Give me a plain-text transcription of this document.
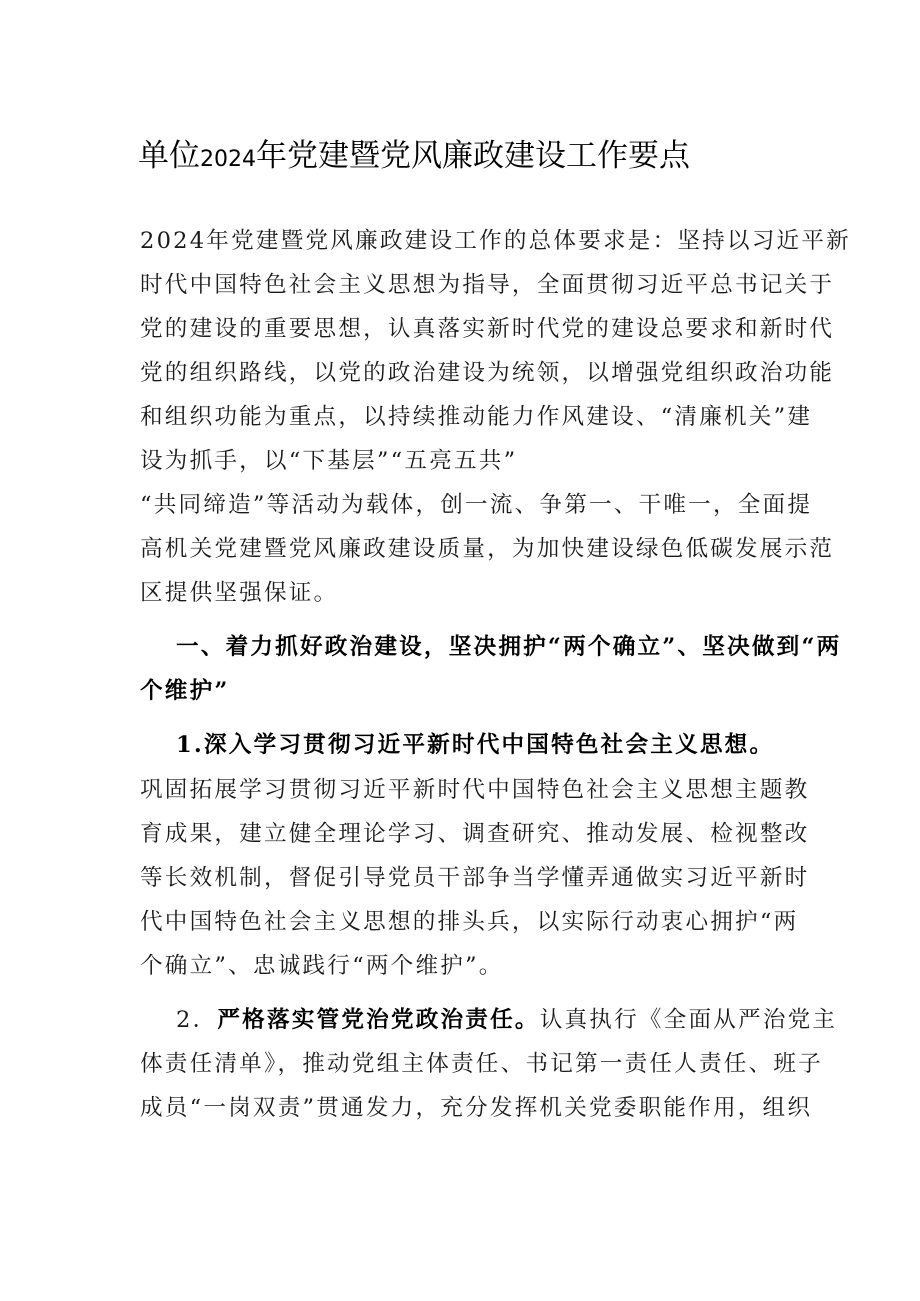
单位2024年党建暨党风廉政建设工作要点
2024年党建暨党风廉政建设工作的总体要求是：坚持以习近平新
时代中国特色社会主义思想为指导，全面贯彻习近平总书记关于
党的建设的重要思想，认真落实新时代党的建设总要求和新时代
党的组织路线，以党的政治建设为统领，以增强党组织政治功能
和组织功能为重点，以持续推动能力作风建设、“清廉机关”建
设为抓手，以“下基层”“五亮五共”
“共同缔造”等活动为载体，创一流、争第一、干唯一，全面提
高机关党建暨党风廉政建设质量，为加快建设绿色低碳发展示范
区提供坚强保证。
一、着力抓好政治建设，坚决拥护“两个确立”、坚决做到“两
个维护”
1.深入学习贯彻习近平新时代中国特色社会主义思想。
巩固拓展学习贯彻习近平新时代中国特色社会主义思想主题教
育成果，建立健全理论学习、调查研究、推动发展、检视整改
等长效机制，督促引导党员干部争当学懂弄通做实习近平新时
代中国特色社会主义思想的排头兵，以实际行动衷心拥护“两
个确立”、忠诚践行“两个维护”。
2．严格落实管党治党政治责任。认真执行《全面从严治党主
体责任清单》，推动党组主体责任、书记第一责任人责任、班子
成员“一岗双责”贯通发力，充分发挥机关党委职能作用，组织
